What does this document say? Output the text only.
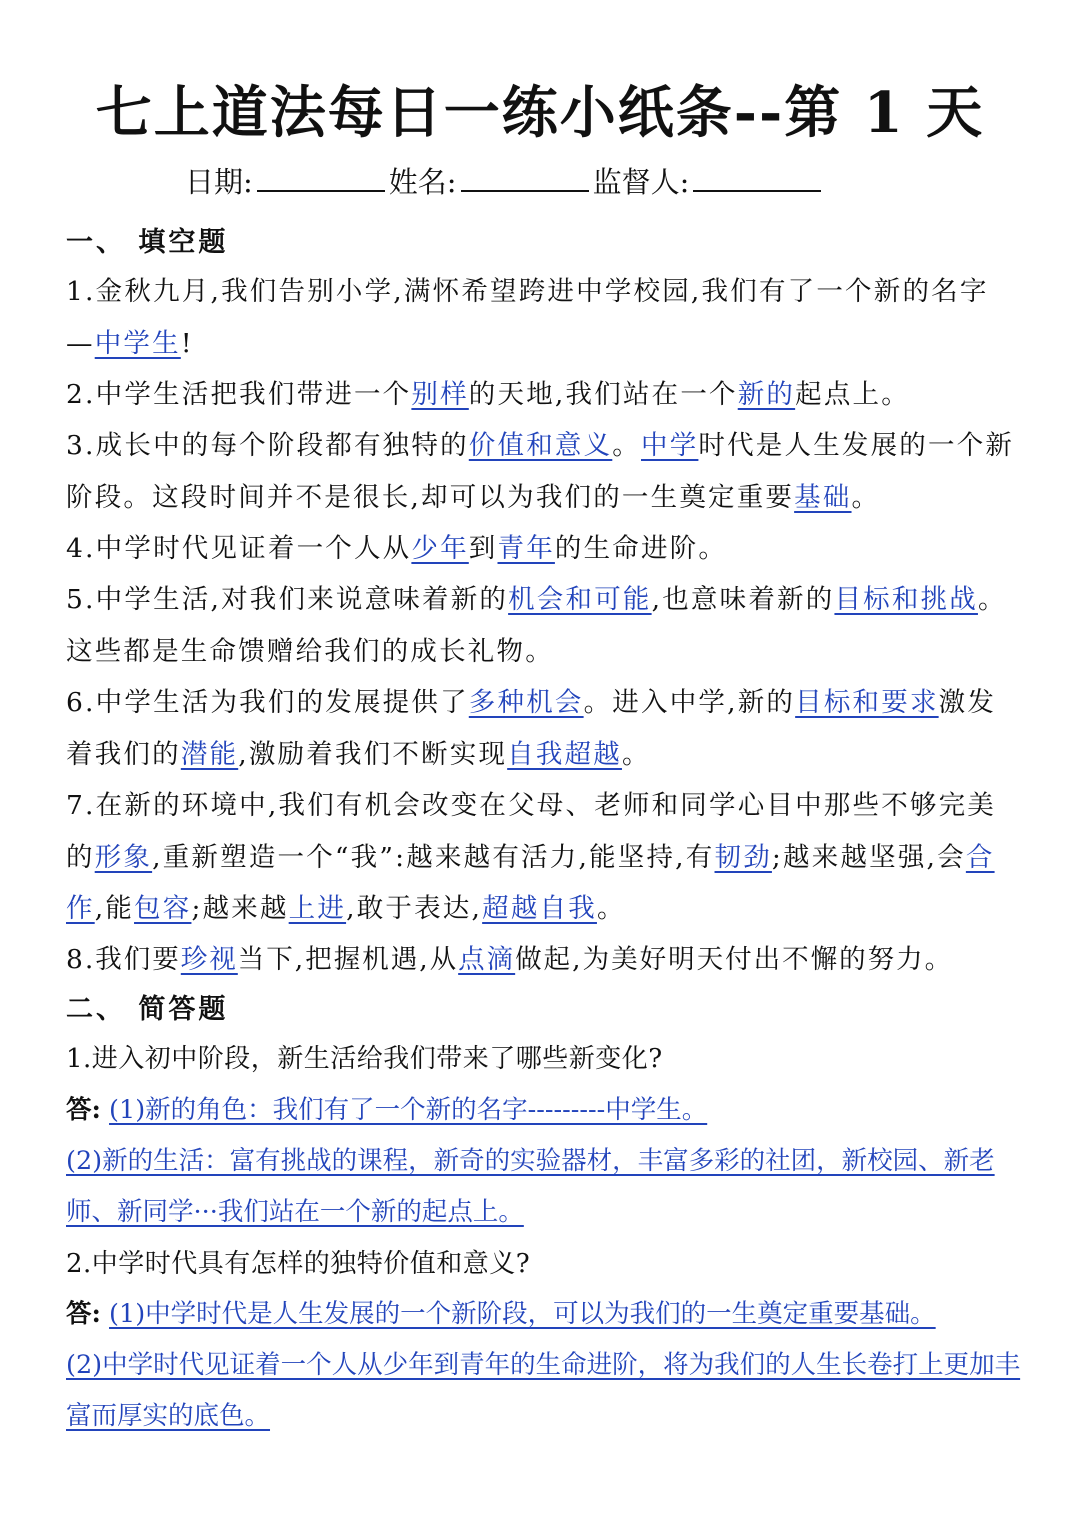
七上道法每日一练小纸条--第 1 天
日期:	姓名:	监督人:
一、 填空题
1.金秋九月,我们告别小学,满怀希望跨进中学校园,我们有了一个新的名字—中学生!
2.中学生活把我们带进一个别样的天地,我们站在一个新的起点上。
3.成长中的每个阶段都有独特的价值和意义。中学时代是人生发展的一个新阶段。这段时间并不是很长,却可以为我们的一生奠定重要基础。
4.中学时代见证着一个人从少年到青年的生命进阶。
5.中学生活,对我们来说意味着新的机会和可能,也意味着新的目标和挑战。这些都是生命馈赠给我们的成长礼物。
6.中学生活为我们的发展提供了多种机会。进入中学,新的目标和要求激发着我们的潜能,激励着我们不断实现自我超越。
7.在新的环境中,我们有机会改变在父母、老师和同学心目中那些不够完美的形象,重新塑造一个“我”:越来越有活力,能坚持,有韧劲;越来越坚强,会合作,能包容;越来越上进,敢于表达,超越自我。
8.我们要珍视当下,把握机遇,从点滴做起,为美好明天付出不懈的努力。
二、 简答题
1.进入初中阶段，新生活给我们带来了哪些新变化?
答: (1)新的角色：我们有了一个新的名字---------中学生。
(2)新的生活：富有挑战的课程，新奇的实验器材，丰富多彩的社团，新校园、新老师、新同学···我们站在一个新的起点上。
2.中学时代具有怎样的独特价值和意义?
答: (1)中学时代是人生发展的一个新阶段，可以为我们的一生奠定重要基础。
(2)中学时代见证着一个人从少年到青年的生命进阶，将为我们的人生长卷打上更加丰富而厚实的底色。
